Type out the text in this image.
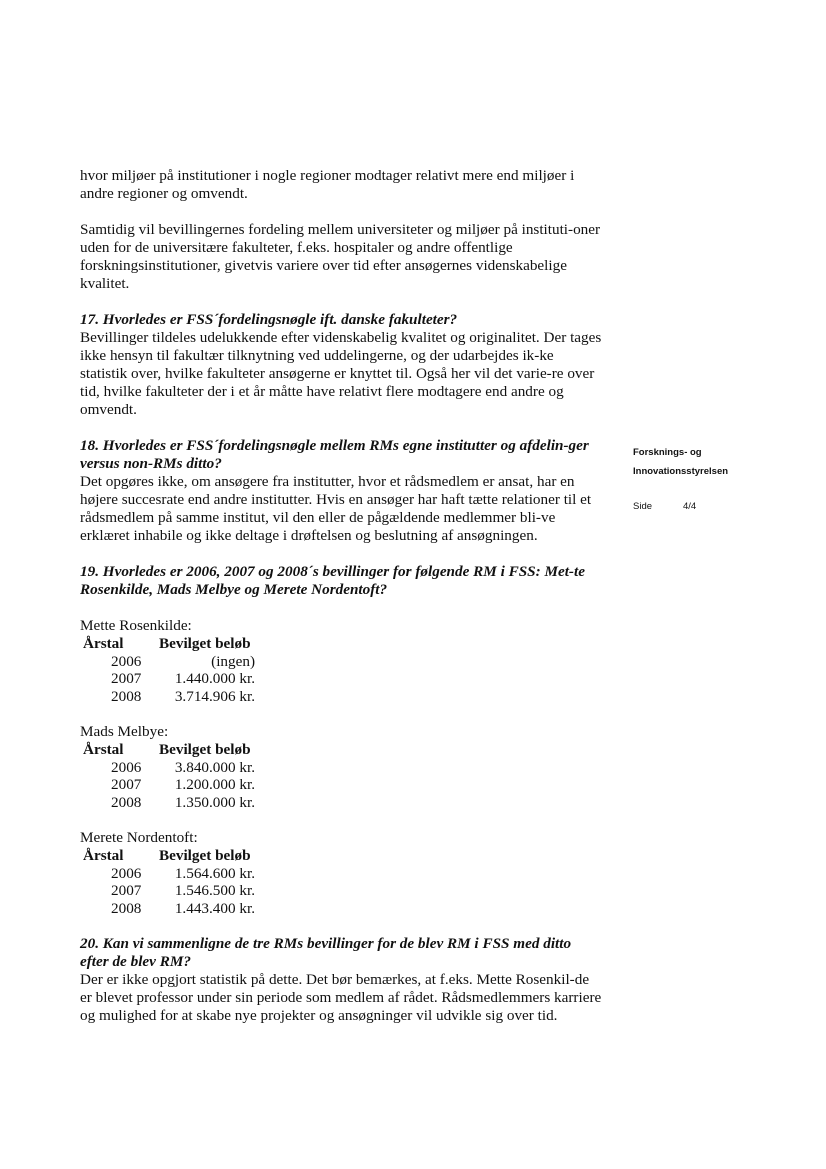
hvor miljøer på institutioner i nogle regioner modtager relativt mere end miljøer i andre regioner og omvendt.

Samtidig vil bevillingernes fordeling mellem universiteter og miljøer på instituti-oner uden for de universitære fakulteter, f.eks. hospitaler og andre offentlige forskningsinstitutioner, givetvis variere over tid efter ansøgernes videnskabelige kvalitet.

17. Hvorledes er FSS´fordelingsnøgle ift. danske fakulteter?

Bevillinger tildeles udelukkende efter videnskabelig kvalitet og originalitet. Der tages ikke hensyn til fakultær tilknytning ved uddelingerne, og der udarbejdes ik-ke statistik over, hvilke fakulteter ansøgerne er knyttet til. Også her vil det varie-re over tid, hvilke fakulteter der i et år måtte have relativt flere modtagere end andre og omvendt.

18. Hvorledes er FSS´fordelingsnøgle mellem RMs egne institutter og afdelin-ger versus non-RMs ditto?

Det opgøres ikke, om ansøgere fra institutter, hvor et rådsmedlem er ansat, har en højere succesrate end andre institutter. Hvis en ansøger har haft tætte relationer til et rådsmedlem på samme institut, vil den eller de pågældende medlemmer bli-ve erklæret inhabile og ikke deltage i drøftelsen og beslutning af ansøgningen.

19. Hvorledes er 2006, 2007 og 2008´s bevillinger for følgende RM i FSS: Met-te Rosenkilde, Mads Melbye og Merete Nordentoft?

Mette Rosenkilde:

Årstal	Bevilget beløb
2006	(ingen)
2007	1.440.000 kr.
2008	3.714.906 kr.

Mads Melbye:

Årstal	Bevilget beløb
2006	3.840.000 kr.
2007	1.200.000 kr.
2008	1.350.000 kr.

Merete Nordentoft:

Årstal	Bevilget beløb
2006	1.564.600 kr.
2007	1.546.500 kr.
2008	1.443.400 kr.

20. Kan vi sammenligne de tre RMs bevillinger for de blev RM i FSS med ditto efter de blev RM?

Der er ikke opgjort statistik på dette. Det bør bemærkes, at f.eks. Mette Rosenkil-de er blevet professor under sin periode som medlem af rådet. Rådsmedlemmers karriere og mulighed for at skabe nye projekter og ansøgninger vil udvikle sig over tid.

Forsknings- og
Innovationsstyrelsen
Side	4/4
